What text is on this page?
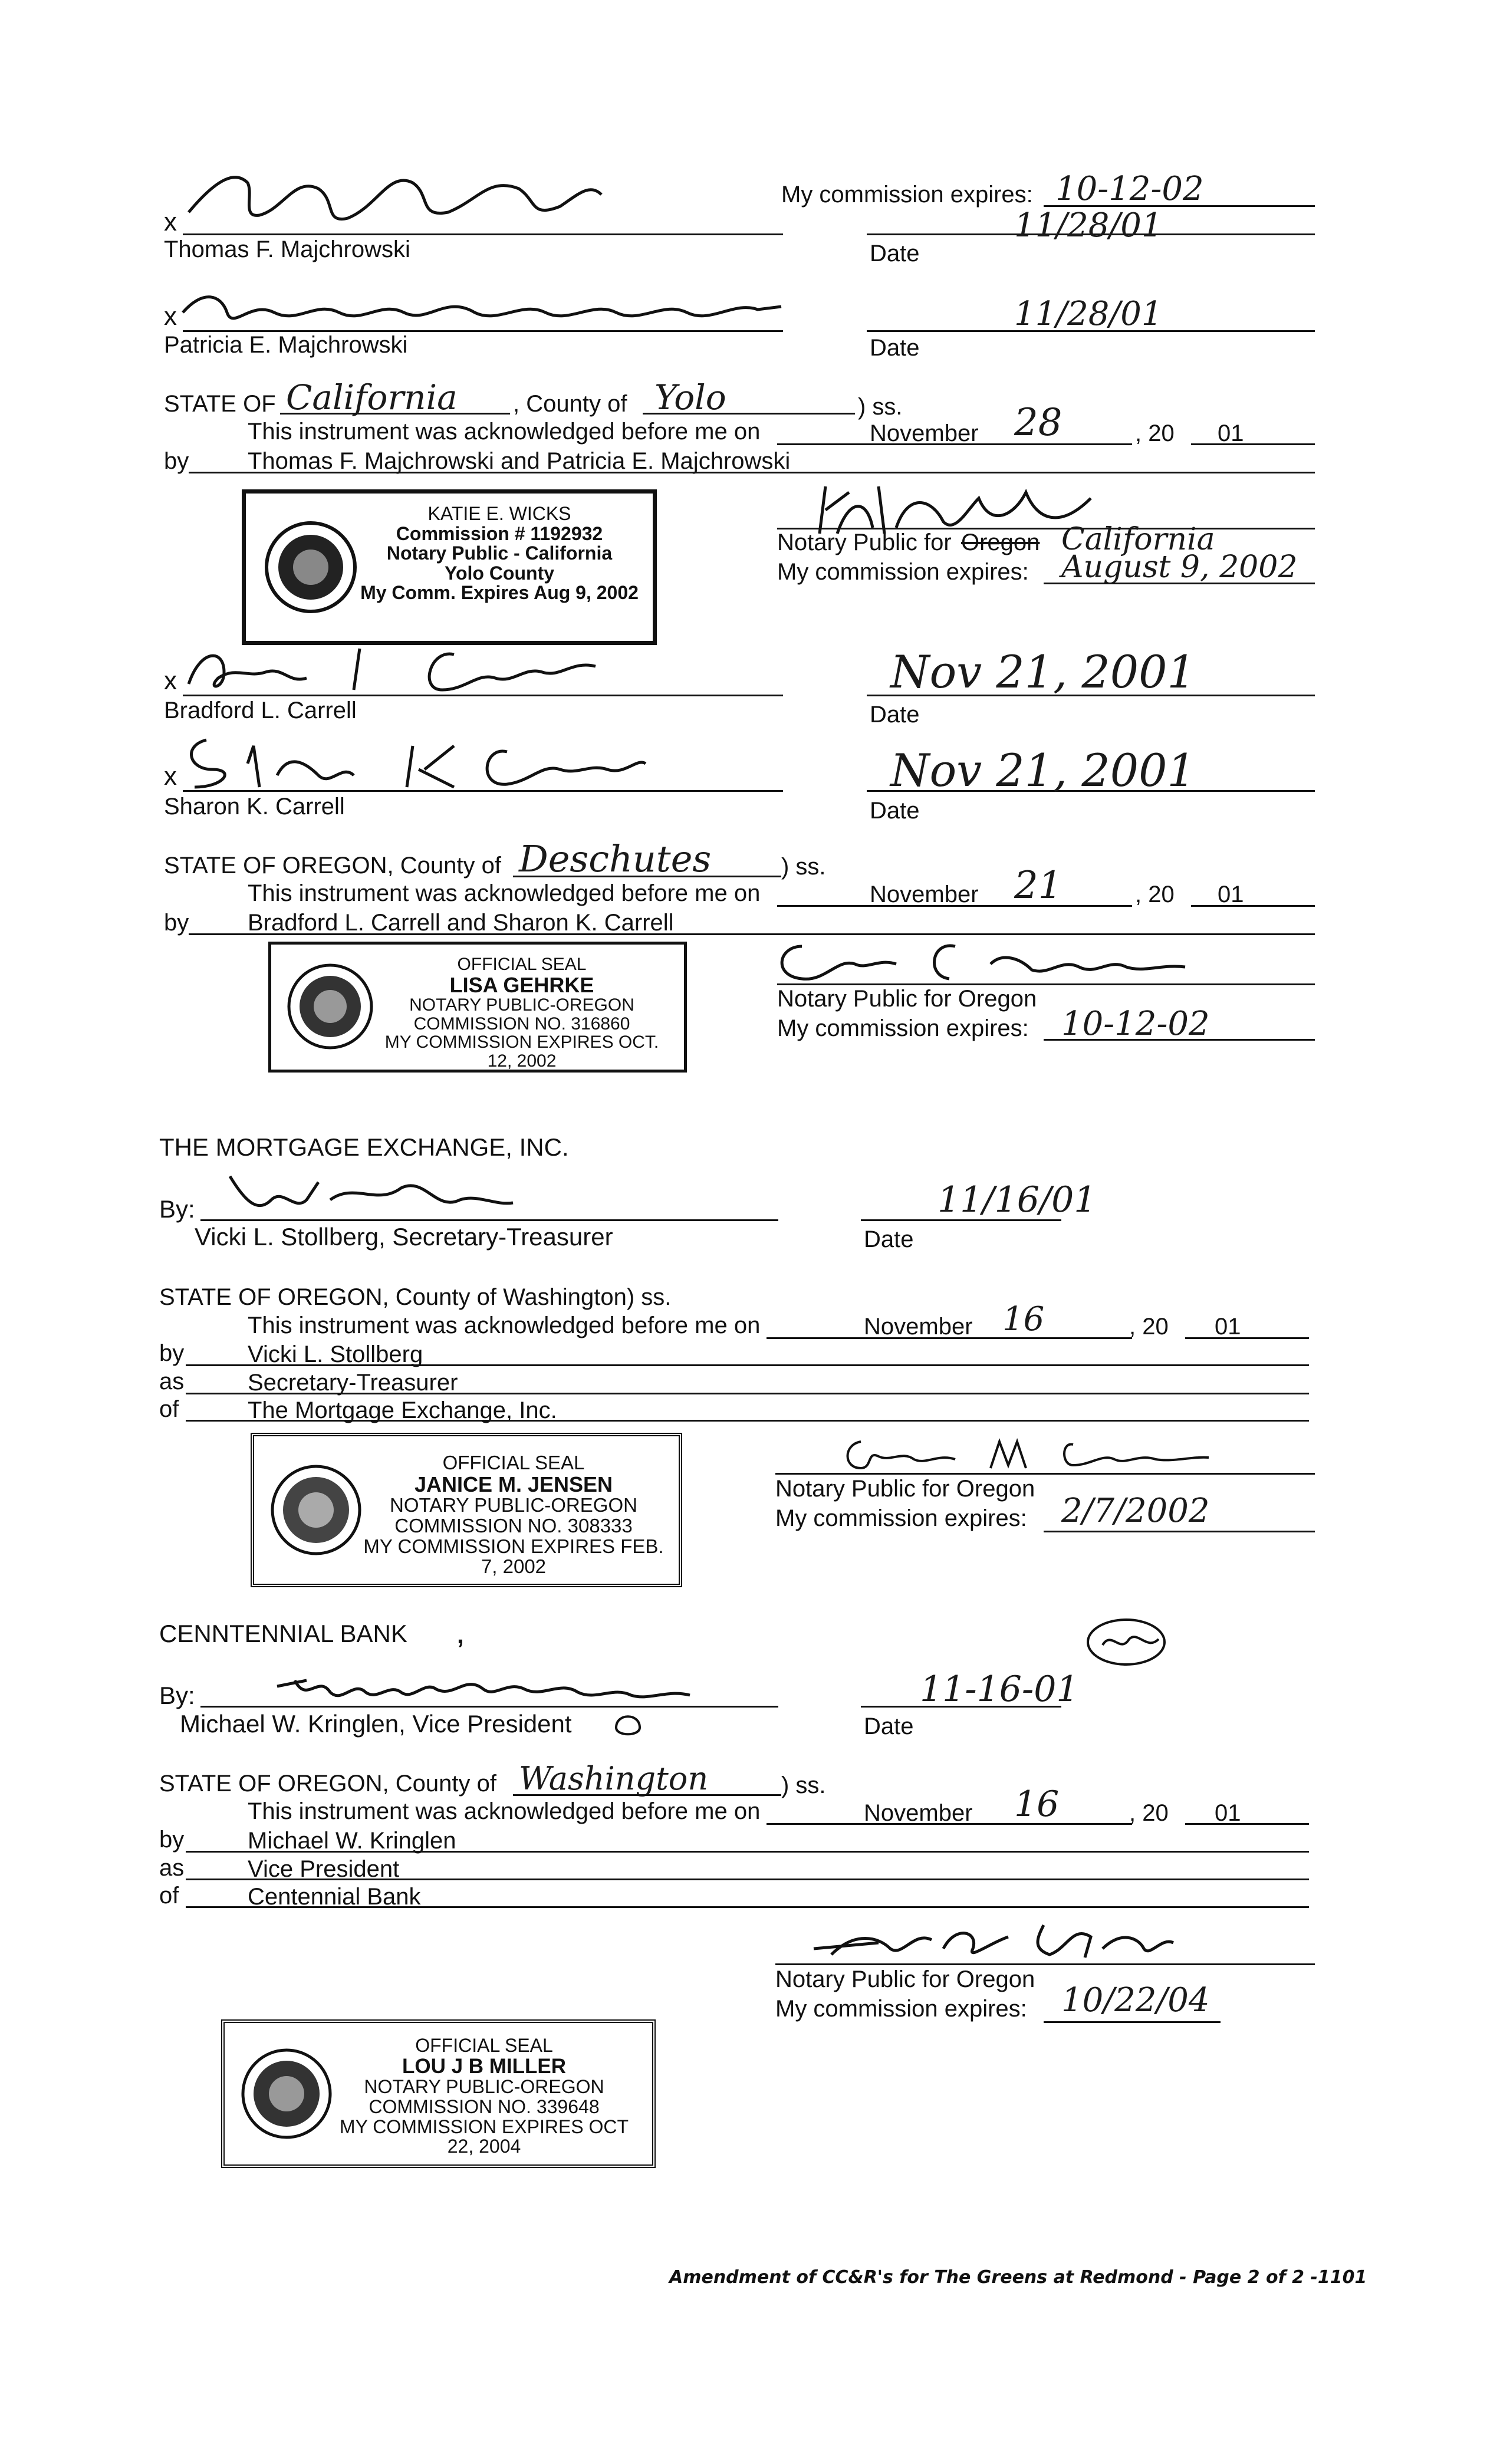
My commission expires: 10-12-02
x
Thomas F. Majchrowski
11/28/01
Date
x
Patricia E. Majchrowski
11/28/01
Date
STATE OF California , County of Yolo	) ss.
This instrument was acknowledged before me on	November 28	, 20 01
by Thomas F. Majchrowski and Patricia E. Majchrowski
KATIE E. WICKS
Commission # 1192932
Notary Public - California
Yolo County
My Comm. Expires Aug 9, 2002
Notary Public for Oregon California
My commission expires: August 9, 2002
x
Bradford L. Carrell
Nov 21, 2001
Date
x
Sharon K. Carrell
Nov 21, 2001
Date
STATE OF OREGON, County of Deschutes	) ss.
This instrument was acknowledged before me on	November 21	, 20 01
by Bradford L. Carrell and Sharon K. Carrell
OFFICIAL SEAL
LISA GEHRKE
NOTARY PUBLIC-OREGON
COMMISSION NO. 316860
MY COMMISSION EXPIRES OCT. 12, 2002
Notary Public for Oregon
My commission expires: 10-12-02
THE MORTGAGE EXCHANGE, INC.
By:
Vicki L. Stollberg, Secretary-Treasurer
11/16/01
Date
STATE OF OREGON, County of Washington) ss.
This instrument was acknowledged before me on	November 16	, 20 01
by	Vicki L. Stollberg
as	Secretary-Treasurer
of	The Mortgage Exchange, Inc.
OFFICIAL SEAL
JANICE M. JENSEN
NOTARY PUBLIC-OREGON
COMMISSION NO. 308333
MY COMMISSION EXPIRES FEB. 7, 2002
Notary Public for Oregon
My commission expires: 2/7/2002
CENNTENNIAL BANK ,
By:
Michael W. Kringlen, Vice President
11-16-01
Date
STATE OF OREGON, County of Washington	) ss.
This instrument was acknowledged before me on	November 16	, 20 01
by	Michael W. Kringlen
as	Vice President
of	Centennial Bank
Notary Public for Oregon
My commission expires: 10/22/04
OFFICIAL SEAL
LOU J B MILLER
NOTARY PUBLIC-OREGON
COMMISSION NO. 339648
MY COMMISSION EXPIRES OCT 22, 2004
Amendment of CC&R's for The Greens at Redmond - Page 2 of 2 -1101
